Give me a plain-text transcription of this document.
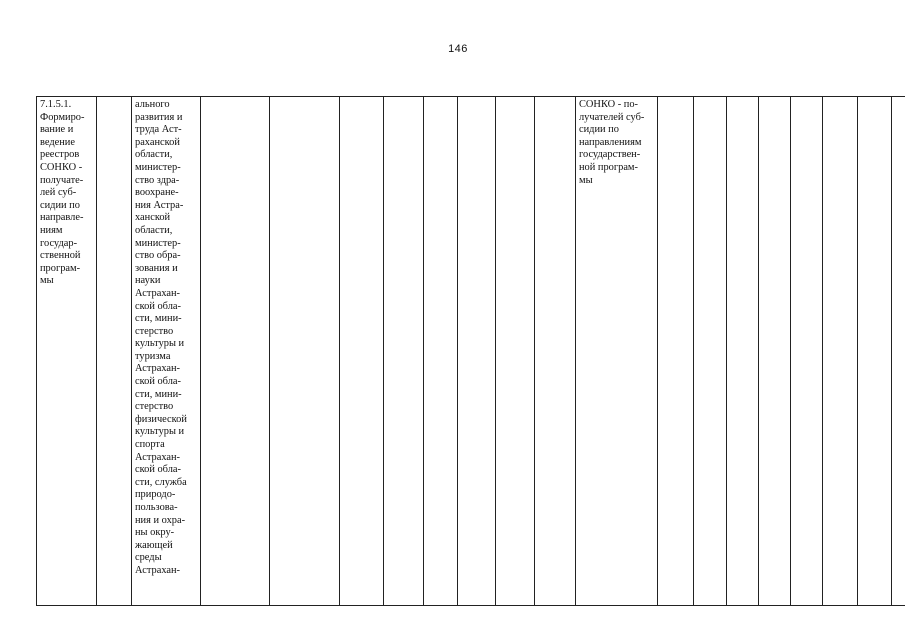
146
7.1.5.1.
Формиро-
вание и
ведение
реестров
СОНКО -
получате-
лей суб-
сидии по
направле-
ниям
государ-
ственной
програм-
мы		ального
развития и
труда Аст-
раханской
области,
министер-
ство здра-
воохране-
ния Астра-
ханской
области,
министер-
ство обра-
зования и
науки
Астрахан-
ской обла-
сти, мини-
стерство
культуры и
туризма
Астрахан-
ской обла-
сти, мини-
стерство
физической
культуры и
спорта
Астрахан-
ской обла-
сти, служба
природо-
пользова-
ния и охра-
ны окру-
жающей
среды
Астрахан-									СОНКО - по-
лучателей суб-
сидии по
направлениям
государствен-
ной програм-
мы									
